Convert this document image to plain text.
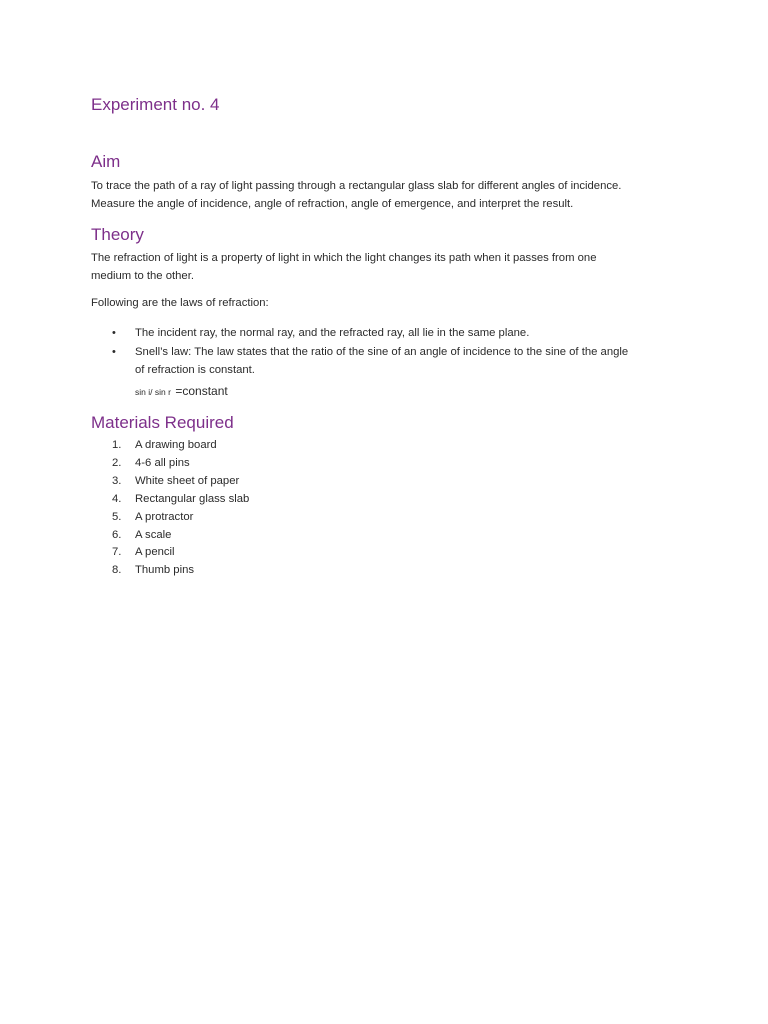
Experiment no. 4
Aim

To trace the path of a ray of light passing through a rectangular glass slab for different angles of incidence.
Measure the angle of incidence, angle of refraction, angle of emergence, and interpret the result.

Theory

The refraction of light is a property of light in which the light changes its path when it passes from one
medium to the other.

Following are the laws of refraction:

• The incident ray, the normal ray, and the refracted ray, all lie in the same plane.
• Snell’s law: The law states that the ratio of the sine of an angle of incidence to the sine of the angle
of refraction is constant.
sin i/ sin r =constant
Materials Required
1. A drawing board
2. 4-6 all pins
3. White sheet of paper
4. Rectangular glass slab
5. A protractor
6. A scale
7. A pencil
8. Thumb pins
